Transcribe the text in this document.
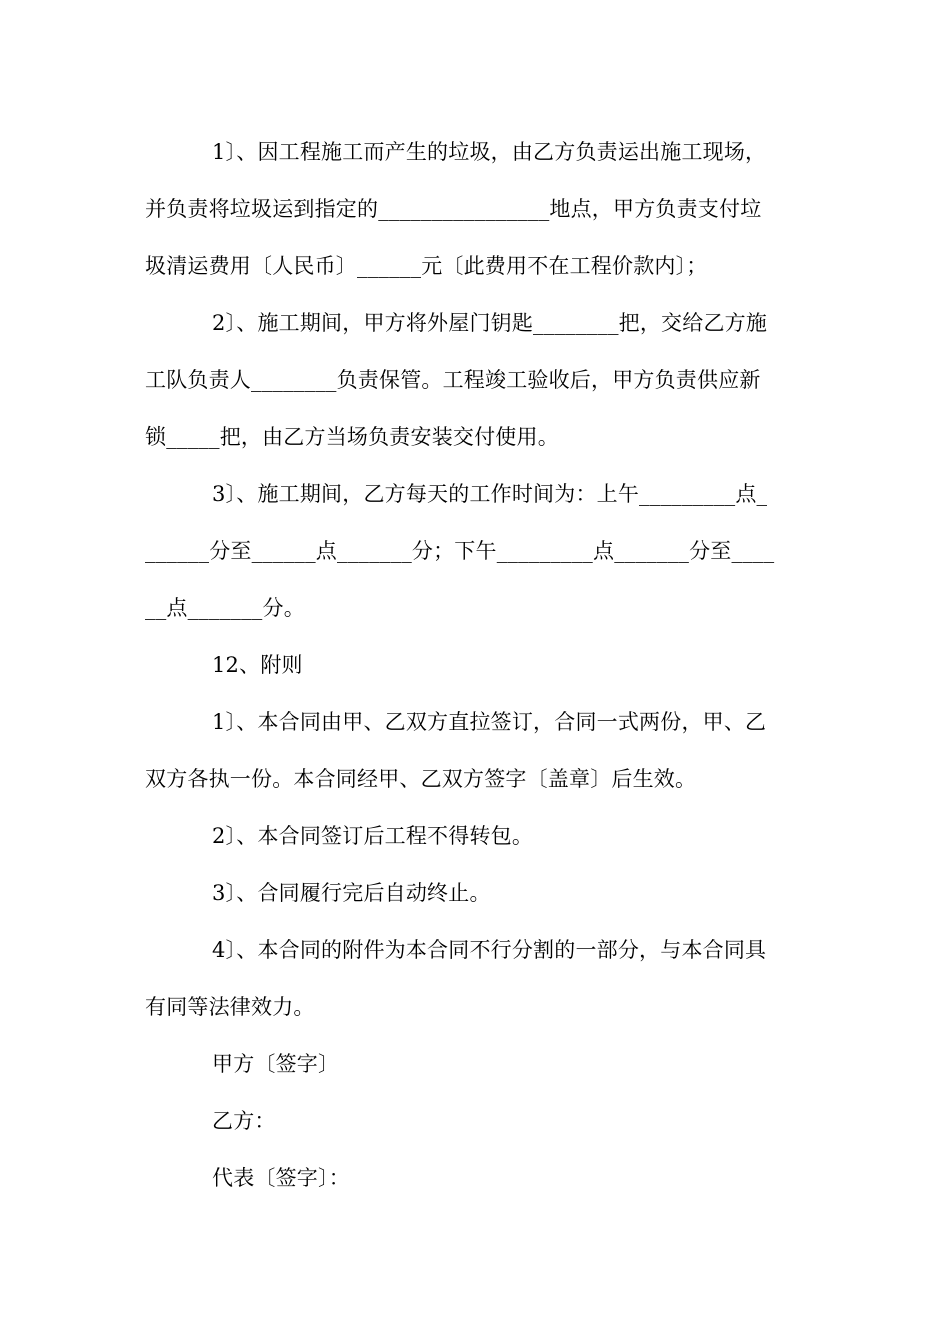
1〕、因工程施工而产生的垃圾，由乙方负责运出施工现场，
并负责将垃圾运到指定的________________地点，甲方负责支付垃
圾清运费用〔人民币〕______元〔此费用不在工程价款内〕；
2〕、施工期间，甲方将外屋门钥匙________把，交给乙方施
工队负责人________负责保管。工程竣工验收后，甲方负责供应新
锁_____把，由乙方当场负责安装交付使用。
3〕、施工期间，乙方每天的工作时间为：上午_________点_
______分至______点_______分；下午_________点_______分至____
__点_______分。
12、附则
1〕、本合同由甲、乙双方直拉签订，合同一式两份，甲、乙
双方各执一份。本合同经甲、乙双方签字〔盖章〕后生效。
2〕、本合同签订后工程不得转包。
3〕、合同履行完后自动终止。
4〕、本合同的附件为本合同不行分割的一部分，与本合同具
有同等法律效力。
甲方〔签字〕
乙方：
代表〔签字〕：
